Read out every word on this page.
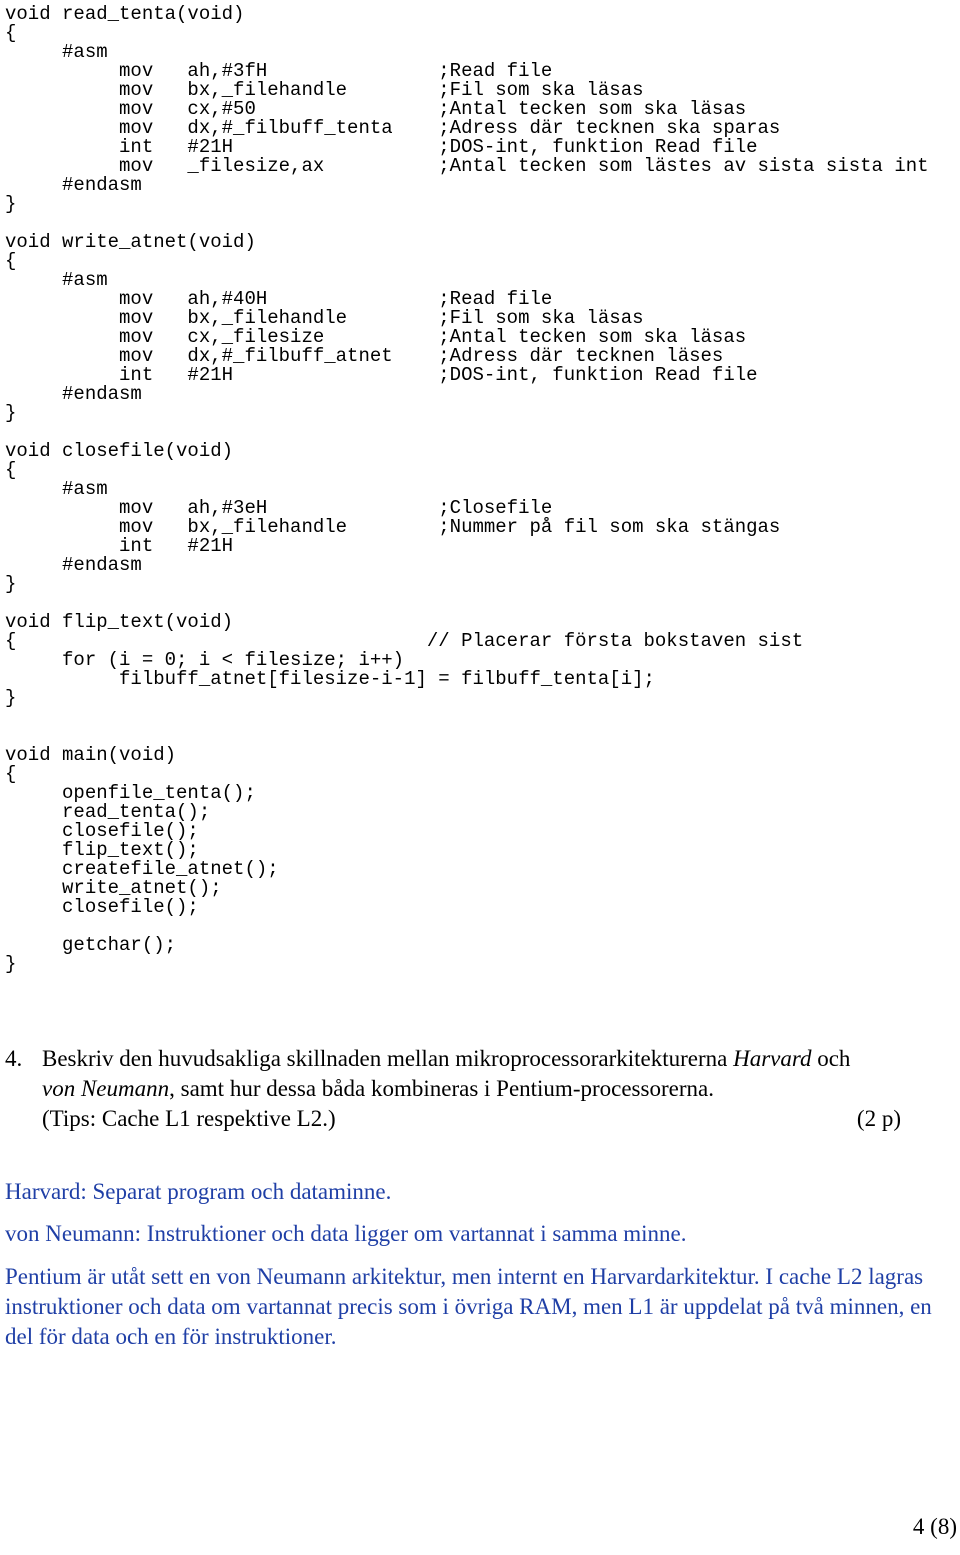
void read_tenta(void)
{
#asm
mov   ah,#3fH               ;Read file
mov   bx,_filehandle        ;Fil som ska läsas
mov   cx,#50                ;Antal tecken som ska läsas
mov   dx,#_filbuff_tenta    ;Adress där tecknen ska sparas
int   #21H                  ;DOS-int, funktion Read file
mov   _filesize,ax          ;Antal tecken som lästes av sista sista int
#endasm
}
void write_atnet(void)
{
#asm
mov   ah,#40H               ;Read file
mov   bx,_filehandle        ;Fil som ska läsas
mov   cx,_filesize          ;Antal tecken som ska läsas
mov   dx,#_filbuff_atnet    ;Adress där tecknen läses
int   #21H                  ;DOS-int, funktion Read file
#endasm
}
void closefile(void)
{
#asm
mov   ah,#3eH               ;Closefile
mov   bx,_filehandle        ;Nummer på fil som ska stängas
int   #21H
#endasm
}
void flip_text(void)
{                                    // Placerar första bokstaven sist
for (i = 0; i < filesize; i++)
filbuff_atnet[filesize-i-1] = filbuff_tenta[i];
}
void main(void)
{
openfile_tenta();
read_tenta();
closefile();
flip_text();
createfile_atnet();
write_atnet();
closefile();
getchar();
}
4. Beskriv den huvudsakliga skillnaden mellan mikroprocessorarkitekturerna Harvard och
von Neumann, samt hur dessa båda kombineras i Pentium-processorerna.
(Tips: Cache L1 respektive L2.)	(2 p)

Harvard: Separat program och dataminne.

von Neumann: Instruktioner och data ligger om vartannat i samma minne.

Pentium är utåt sett en von Neumann arkitektur, men internt en Harvardarkitektur. I cache L2 lagras instruktioner och data om vartannat precis som i övriga RAM, men L1 är uppdelat på två minnen, en del för data och en för instruktioner.

4 (8)
